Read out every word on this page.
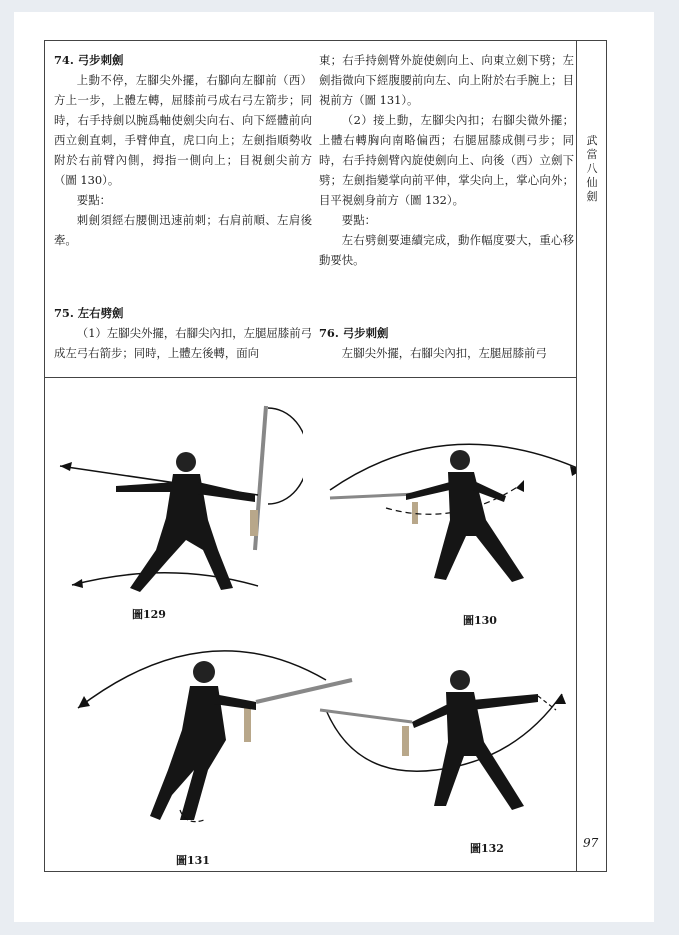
武當八仙劍
97

74. 弓步刺劍

上動不停，左腳尖外擺，右腳向左腳前（西）方上一步，上體左轉，屈膝前弓成右弓左箭步；同時，右手持劍以腕爲軸使劍尖向右、向下經體前向西立劍直刺，手臂伸直，虎口向上；左劍指順勢收附於右前臂內側，拇指一側向上；目視劍尖前方（圖 130）。

要點：

刺劍須經右腰側迅速前刺；右肩前順、左肩後牽。

75. 左右劈劍

（1）左腳尖外擺，右腳尖內扣，左腿屈膝前弓成左弓右箭步；同時，上體左後轉，面向

東；右手持劍臂外旋使劍向上、向東立劍下劈；左劍指微向下經腹腰前向左、向上附於右手腕上；目視前方（圖 131）。

（2）接上動，左腳尖內扣；右腳尖微外擺；上體右轉胸向南略偏西；右腿屈膝成側弓步；同時，右手持劍臂內旋使劍向上、向後（西）立劍下劈；左劍指變掌向前平伸，掌尖向上，掌心向外；目平視劍身前方（圖 132）。

要點：

左右劈劍要連續完成，動作幅度要大，重心移動要快。

76. 弓步刺劍

左腳尖外擺，右腳尖內扣，左腿屈膝前弓

圖129	圖130
圖131
圖132
